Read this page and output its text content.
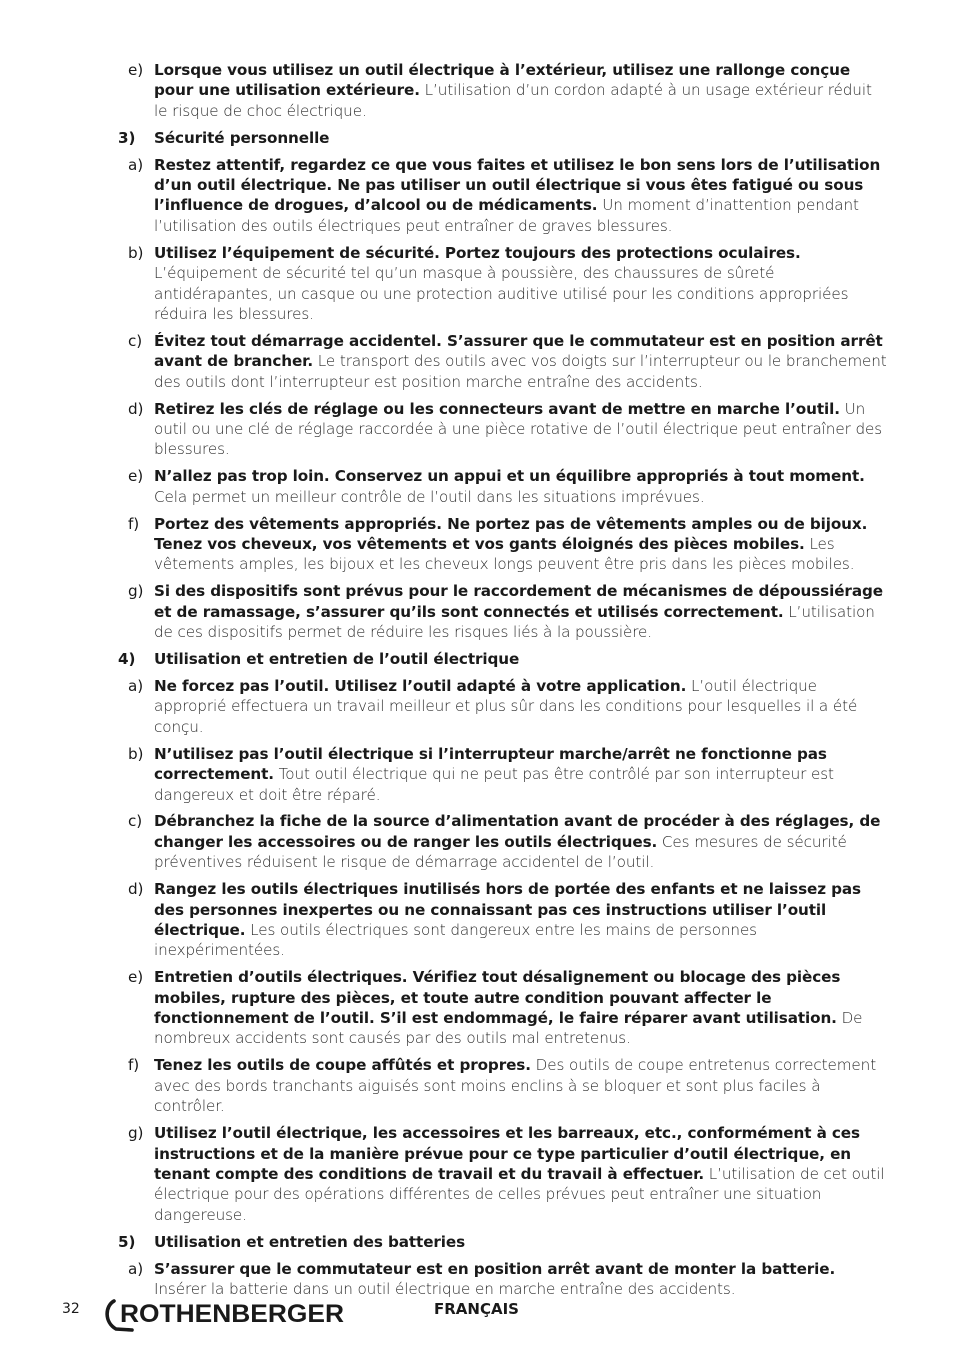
e) Lorsque vous utilisez un outil électrique à l’extérieur, utilisez une rallonge conçue pour une utilisation extérieure. L’utilisation d’un cordon adapté à un usage extérieur réduit le risque de choc électrique.
3) Sécurité personnelle
a) Restez attentif, regardez ce que vous faites et utilisez le bon sens lors de l’utilisation d’un outil électrique. Ne pas utiliser un outil électrique si vous êtes fatigué ou sous l’influence de drogues, d’alcool ou de médicaments. Un moment d’inattention pendant l’utilisation des outils électriques peut entraîner de graves blessures.
b) Utilisez l’équipement de sécurité. Portez toujours des protections oculaires. L’équipement de sécurité tel qu’un masque à poussière, des chaussures de sûreté antidérapantes, un casque ou une protection auditive utilisé pour les conditions appropriées réduira les blessures.
c) Évitez tout démarrage accidentel. S’assurer que le commutateur est en position arrêt avant de brancher. Le transport des outils avec vos doigts sur l’interrupteur ou le branchement des outils dont l’interrupteur est position marche entraîne des accidents.
d) Retirez les clés de réglage ou les connecteurs avant de mettre en marche l’outil. Un outil ou une clé de réglage raccordée à une pièce rotative de l’outil électrique peut entraîner des blessures.
e) N’allez pas trop loin. Conservez un appui et un équilibre appropriés à tout moment. Cela permet un meilleur contrôle de l’outil dans les situations imprévues.
f) Portez des vêtements appropriés. Ne portez pas de vêtements amples ou de bijoux. Tenez vos cheveux, vos vêtements et vos gants éloignés des pièces mobiles. Les vêtements amples, les bijoux et les cheveux longs peuvent être pris dans les pièces mobiles.
g) Si des dispositifs sont prévus pour le raccordement de mécanismes de dépoussiérage et de ramassage, s’assurer qu’ils sont connectés et utilisés correctement. L’utilisation de ces dispositifs permet de réduire les risques liés à la poussière.
4) Utilisation et entretien de l’outil électrique
a) Ne forcez pas l’outil. Utilisez l’outil adapté à votre application. L’outil électrique approprié effectuera un travail meilleur et plus sûr dans les conditions pour lesquelles il a été conçu.
b) N’utilisez pas l’outil électrique si l’interrupteur marche/arrêt ne fonctionne pas correctement. Tout outil électrique qui ne peut pas être contrôlé par son interrupteur est dangereux et doit être réparé.
c) Débranchez la fiche de la source d’alimentation avant de procéder à des réglages, de changer les accessoires ou de ranger les outils électriques. Ces mesures de sécurité préventives réduisent le risque de démarrage accidentel de l’outil.
d) Rangez les outils électriques inutilisés hors de portée des enfants et ne laissez pas des personnes inexpertes ou ne connaissant pas ces instructions utiliser l’outil électrique. Les outils électriques sont dangereux entre les mains de personnes inexpérimentées.
e) Entretien d’outils électriques. Vérifiez tout désalignement ou blocage des pièces mobiles, rupture des pièces, et toute autre condition pouvant affecter le fonctionnement de l’outil. S’il est endommagé, le faire réparer avant utilisation. De nombreux accidents sont causés par des outils mal entretenus.
f) Tenez les outils de coupe affûtés et propres. Des outils de coupe entretenus correctement avec des bords tranchants aiguisés sont moins enclins à se bloquer et sont plus faciles à contrôler.
g) Utilisez l’outil électrique, les accessoires et les barreaux, etc., conformément à ces instructions et de la manière prévue pour ce type particulier d’outil électrique, en tenant compte des conditions de travail et du travail à effectuer. L’utilisation de cet outil électrique pour des opérations différentes de celles prévues peut entraîner une situation dangereuse.
5) Utilisation et entretien des batteries
a) S’assurer que le commutateur est en position arrêt avant de monter la batterie. Insérer la batterie dans un outil électrique en marche entraîne des accidents.
32 ROTHENBERGER	FRANÇAIS
